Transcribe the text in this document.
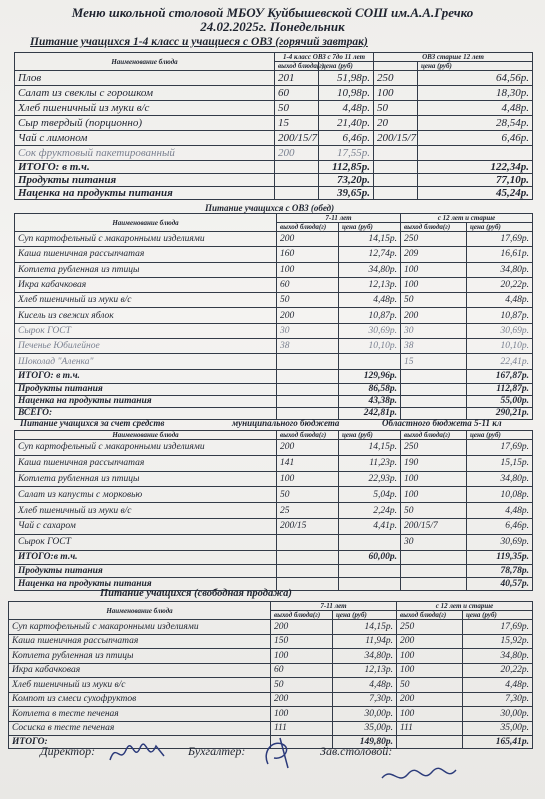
Меню школьной столовой МБОУ Куйбышевской СОШ им.А.А.Гречко
24.02.2025г. Понедельник
Питание учащихся 1-4 класс и учащиеся с ОВЗ (горячий завтрак)
Наименование блюда	1-4 класс ОВЗ с 7до 11 лет		ОВЗ старше 12 лет	
	выход блюда(г)	цена (руб)		цена (руб)
Плов	201	51,98р.	250	64,56р.
Салат из свеклы с горошком	60	10,98р.	100	18,30р.
Хлеб пшеничный из муки в/с	50	4,48р.	50	4,48р.
Сыр твердый (порционно)	15	21,40р.	20	28,54р.
Чай с лимоном	200/15/7	6,46р.	200/15/7	6,46р.
Сок фруктовый пакетированный	200	17,55р.		
ИТОГО: в т.ч.		112,85р.		122,34р.
Продукты питания		73,20р.		77,10р.
Наценка на продукты питания		39,65р.		45,24р.
Питание учащихся с ОВЗ (обед)
Наименование блюда	7-11 лет		с 12 лет и старше	
	выход блюда(г)	цена (руб)	выход блюда(г)	цена (руб)
Суп картофельный с макаронными изделиями	200	14,15р.	250	17,69р.
Каша пшеничная рассыпчатая	160	12,74р.	209	16,61р.
Котлета рубленная из птицы	100	34,80р.	100	34,80р.
Икра кабачковая	60	12,13р.	100	20,22р.
Хлеб пшеничный из муки в/с	50	4,48р.	50	4,48р.
Кисель из свежих яблок	200	10,87р.	200	10,87р.
Сырок ГОСТ	30	30,69р.	30	30,69р.
Печенье Юбилейное	38	10,10р.	38	10,10р.
Шоколад "Аленка"			15	22,41р.
ИТОГО: в т.ч.		129,96р.		167,87р.
Продукты питания		86,58р.		112,87р.
Наценка на продукты питания		43,38р.		55,00р.
ВСЕГО:		242,81р.		290,21р.
Питание учащихся за счет средств	муниципального бюджета	Областного бюджета 5-11 кл
Наименование блюда	выход блюда(г)	цена (руб)	выход блюда(г)	цена (руб)
Суп картофельный с макаронными изделиями	200	14,15р.	250	17,69р.
Каша пшеничная рассыпчатая	141	11,23р.	190	15,15р.
Котлета рубленная из птицы	100	22,93р.	100	34,80р.
Салат из капусты с морковью	50	5,04р.	100	10,08р.
Хлеб пшеничный из муки в/с	25	2,24р.	50	4,48р.
Чай с сахаром	200/15	4,41р.	200/15/7	6,46р.
Сырок ГОСТ			30	30,69р.
ИТОГО:в т.ч.		60,00р.		119,35р.
Продукты питания				78,78р.
Наценка на продукты питания				40,57р.
Питание учащихся (свободная продажа)
Наименование блюда	7-11 лет		с 12 лет и старше	
	выход блюда(г)	цена (руб)	выход блюда(г)	цена (руб)
Суп картофельный с макаронными изделиями	200	14,15р.	250	17,69р.
Каша пшеничная рассыпчатая	150	11,94р.	200	15,92р.
Котлета рубленная из птицы	100	34,80р.	100	34,80р.
Икра кабачковая	60	12,13р.	100	20,22р.
Хлеб пшеничный из муки в/с	50	4,48р.	50	4,48р.
Компот из смеси сухофруктов	200	7,30р.	200	7,30р.
Котлета в тесте печеная	100	30,00р.	100	30,00р.
Сосиска в тесте печеная	111	35,00р.	111	35,00р.
ИТОГО:		149,80р.		165,41р.
Директор:	Бухгалтер:	Зав.столовой:
